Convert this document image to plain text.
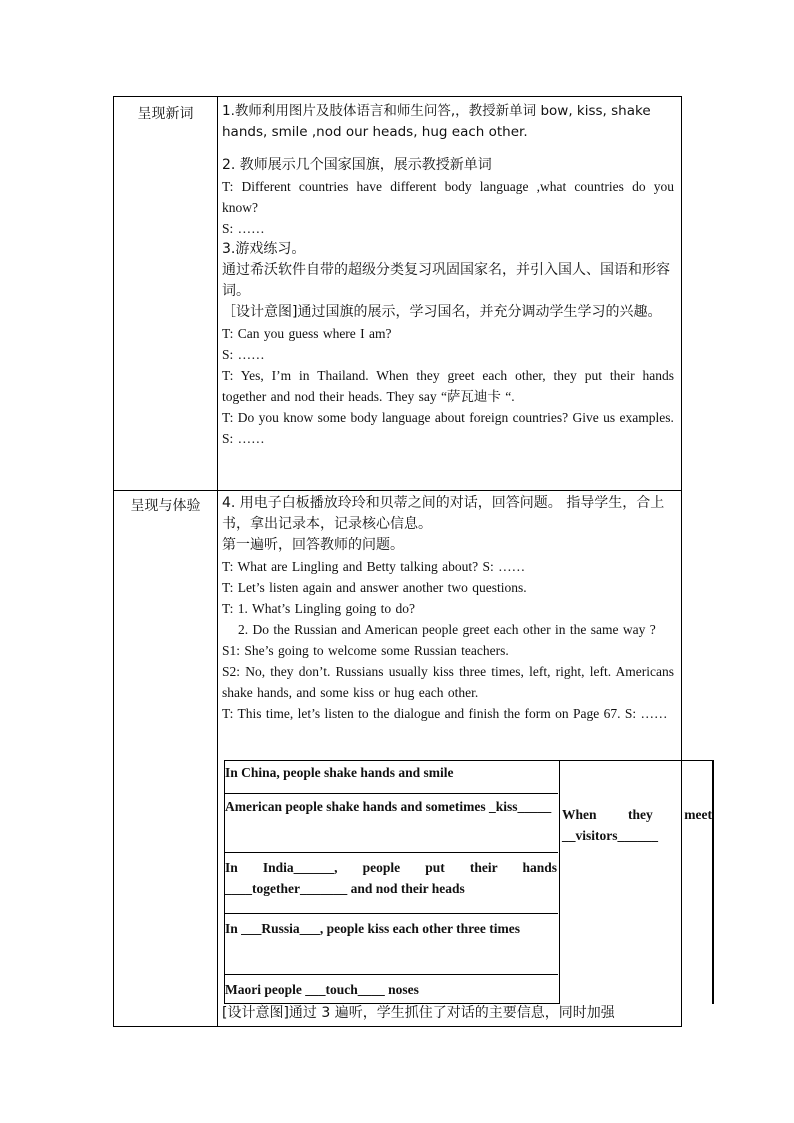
呈现新词	1.教师利用图片及肢体语言和师生问答,，教授新单词 bow, kiss, shake hands, smile ,nod our heads, hug each other.

2. 教师展示几个国家国旗，展示教授新单词

T: Different countries have different body language ,what countries do you know?

S: ……

3.游戏练习。

通过希沃软件自带的超级分类复习巩固国家名，并引入国人、国语和形容词。

［设计意图]通过国旗的展示，学习国名，并充分调动学生学习的兴趣。

T: Can you guess where I am?

S: ……

T: Yes, I’m in Thailand. When they greet each other, they put their hands together and nod their heads. They say “萨瓦迪卡 “.

T: Do you know some body language about foreign countries? Give us examples.

S: ……

呈现与体验	4. 用电子白板播放玲玲和贝蒂之间的对话，回答问题。 指导学生，合上书，拿出记录本，记录核心信息。

第一遍听，回答教师的问题。

T: What are Lingling and Betty talking about? S: ……

T: Let’s listen again and answer another two questions.

T: 1. What’s Lingling going to do?

2. Do the Russian and American people greet each other in the same way ?

S1: She’s going to welcome some Russian teachers.

S2: No, they don’t. Russians usually kiss three times, left, right, left. Americans shake hands, and some kiss or hug each other.

T: This time, let’s listen to the dialogue and finish the form on Page 67. S: ……

[设计意图]通过 3 遍听，学生抓住了对话的主要信息，同时加强

In China, people shake hands and smile
American people shake hands and sometimes _kiss_____
In India______, people put their hands ____together_______ and nod their heads
In ___Russia___, people kiss each other three times
Maori people ___touch____ noses
When they meet __visitors______
